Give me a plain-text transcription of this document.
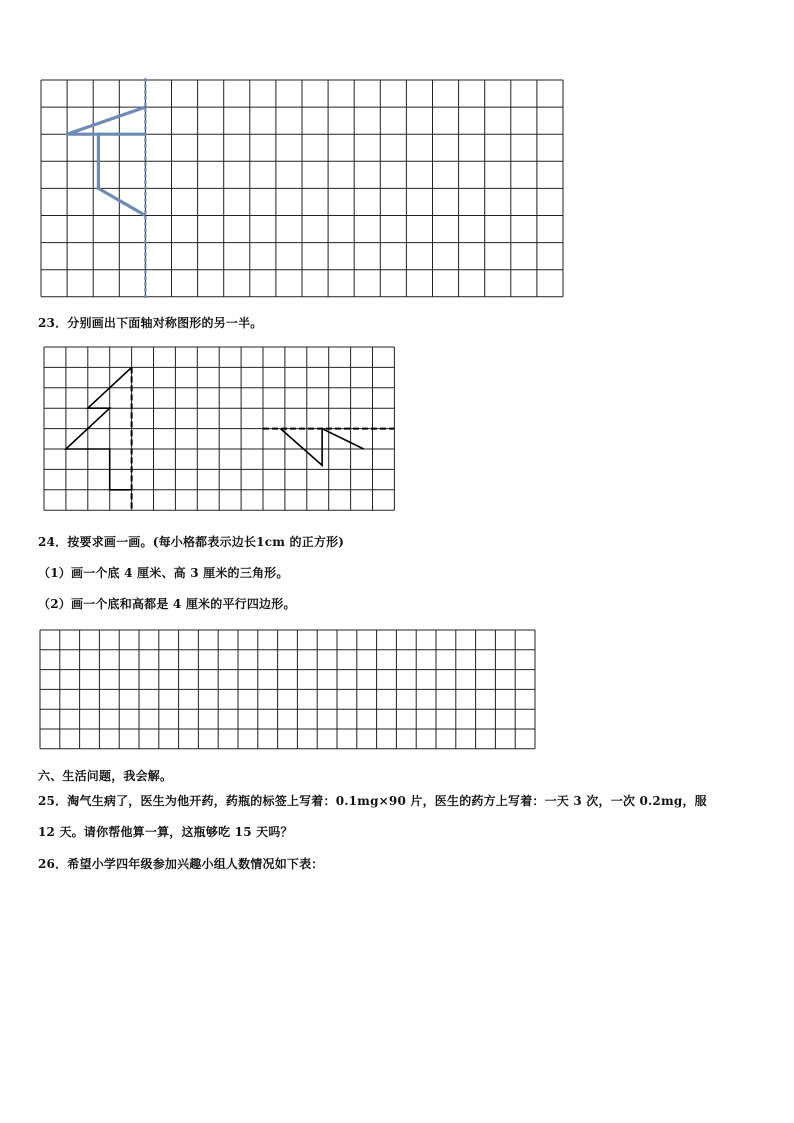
23．分别画出下面轴对称图形的另一半。
24．按要求画一画。(每小格都表示边长1cm 的正方形)
（1）画一个底 4 厘米、高 3 厘米的三角形。
（2）画一个底和高都是 4 厘米的平行四边形。
六、生活问题，我会解。
25．淘气生病了，医生为他开药，药瓶的标签上写着：0.1mg×90 片，医生的药方上写着：一天 3 次，一次 0.2mg，服
12 天。请你帮他算一算，这瓶够吃 15 天吗？
26．希望小学四年级参加兴趣小组人数情况如下表：
